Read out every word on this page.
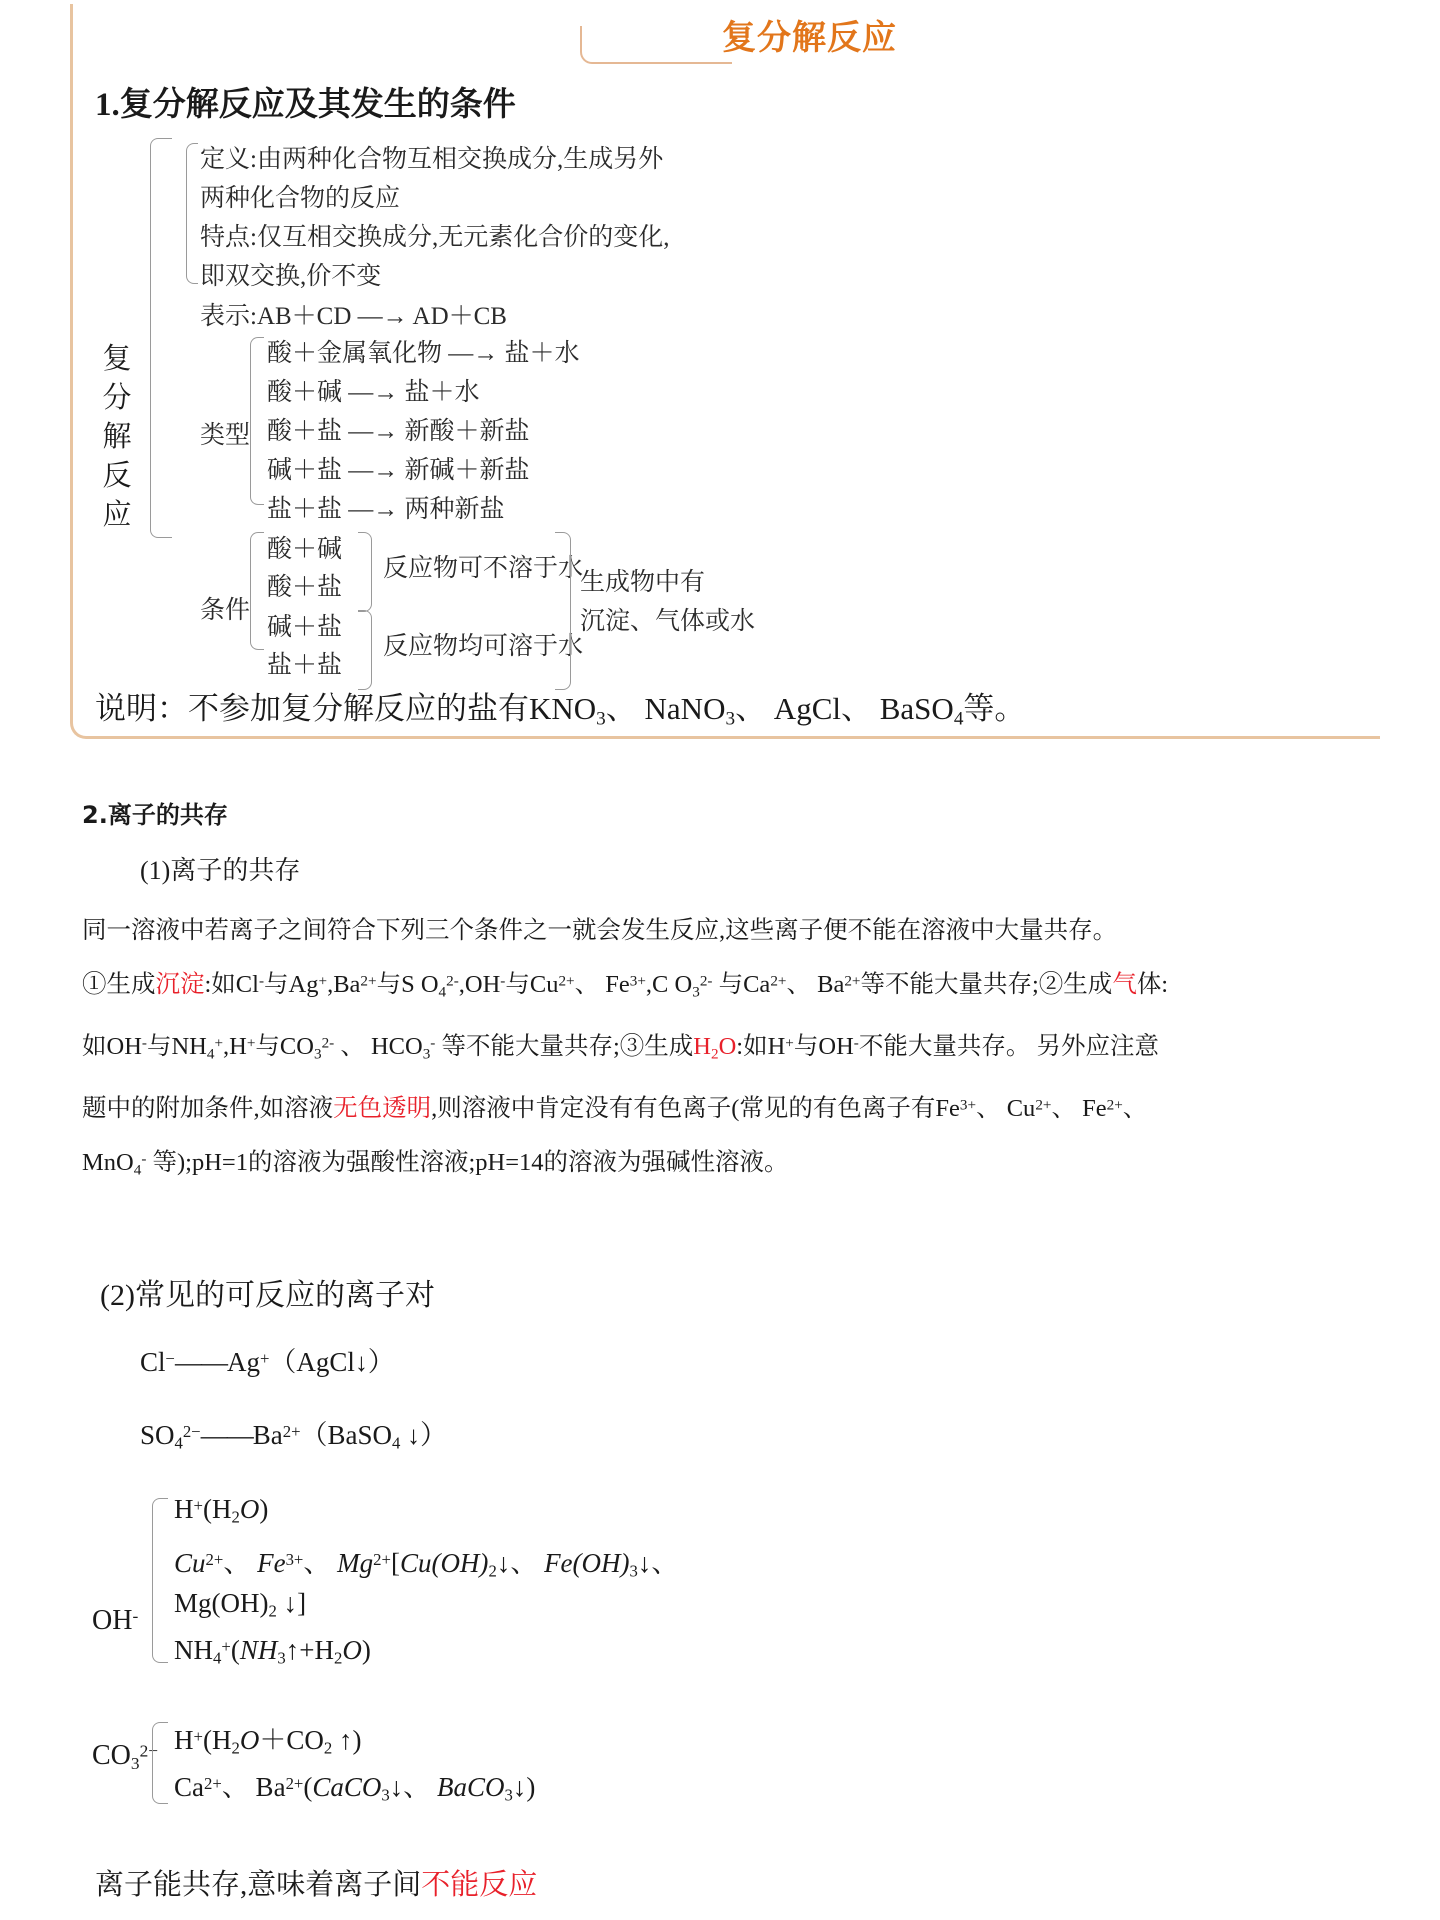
复分解反应
1.复分解反应及其发生的条件
复
分
解
反
应
定义:由两种化合物互相交换成分,生成另外
两种化合物的反应
特点:仅互相交换成分,无元素化合价的变化,
即双交换,价不变
表示:AB＋CD —→ AD＋CB
类型
酸＋金属氧化物 —→ 盐＋水
酸＋碱 —→ 盐＋水
酸＋盐 —→ 新酸＋新盐
碱＋盐 —→ 新碱＋新盐
盐＋盐 —→ 两种新盐
条件
酸＋碱
酸＋盐
碱＋盐
盐＋盐
反应物可不溶于水
反应物均可溶于水
生成物中有
沉淀、气体或水
说明：不参加复分解反应的盐有$KNO_3$、 NaNO$_3$、 AgCl、 BaSO$_4$等。
2.离子的共存
(1)离子的共存
同一溶液中若离子之间符合下列三个条件之一就会发生反应,这些离子便不能在溶液中大量共存。
①生成沉淀:如Cl-与$Ag^+,Ba^{2+}$与S $O_4^{2-},OH^-$与$Cu^{2+}$、 $Fe^{3+},C$ $O_3^{2-}$ 与$Ca^{2+}$、 $Ba^{2+}$等不能大量共存;②生成气体:
如OH-与$NH_4^+,H^+$与$CO_3^{2-}$ 、 $HCO_3^-$ 等不能大量共存;③生成$H_2O$:如H+与OH-不能大量共存。 另外应注意
题中的附加条件,如溶液无色透明,则溶液中肯定没有有色离子(常见的有色离子有$Fe^{3+}$、 $Cu^{2+}$、 $Fe^{2+}$、
MnO$_4$- 等);pH=1的溶液为强酸性溶液;pH=14的溶液为强碱性溶液。
(2)常见的可反应的离子对
Cl−——Ag+（AgCl↓）
$SO_4^{2-}——Ba^{2+}(BaSO_4$ ↓）
OH-
$H^+(H_2O)$
$Cu^{2+}$、 $Fe^{3+}$、 $Mg^{2+}[Cu(OH)_2↓$、 $Fe(OH)_3↓$、
$Mg(OH)_2$ ↓]
$NH_4^+(NH_3↑+H_2O)$
$CO_3^{2-}$ $H^+(H_2O+CO_2$ ↑)
$Ca^{2+}$、 $Ba^{2+}(CaCO_3↓$、 BaCO$_3$↓)
离子能共存,意味着离子间不能反应
